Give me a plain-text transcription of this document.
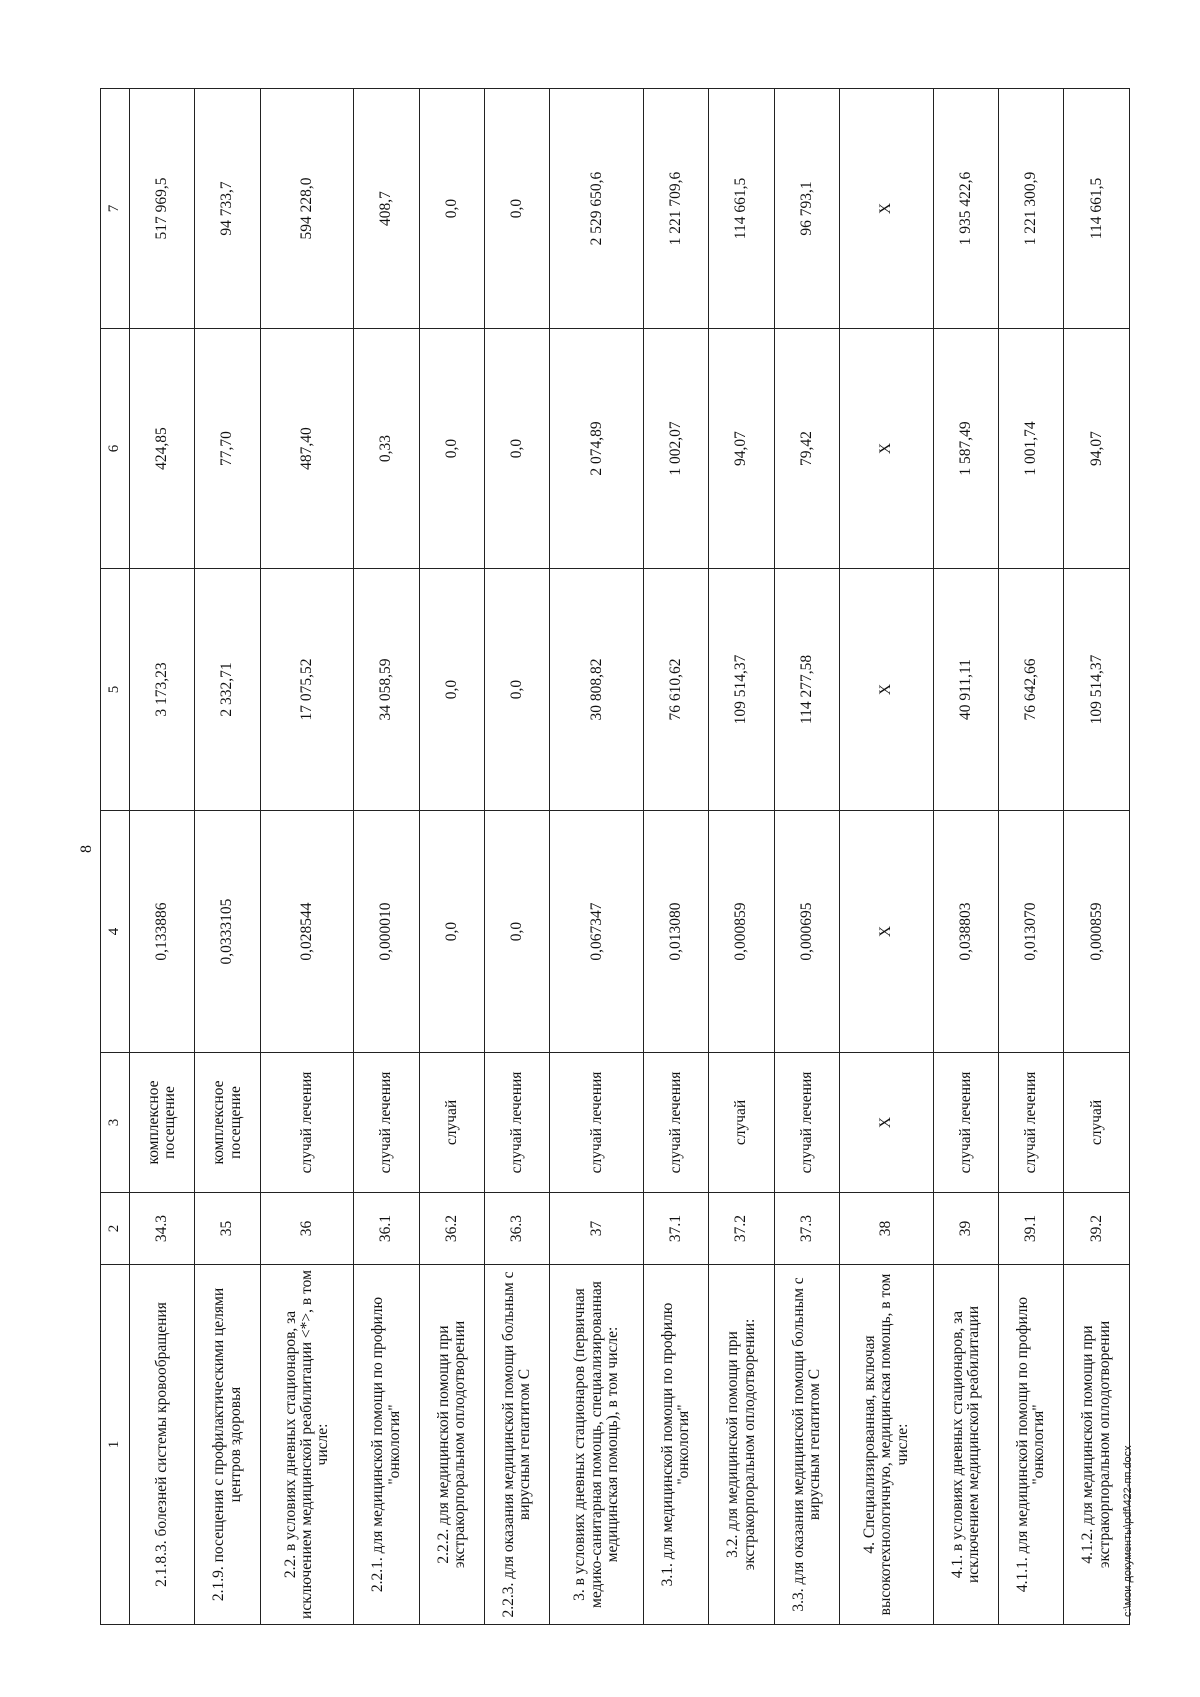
8
1	2	3	4	5	6	7
2.1.8.3. болезней системы кровообращения	34.3	комплексное посещение	0,133886	3 173,23	424,85	517 969,5
2.1.9. посещения с профилактическими целями центров здоровья	35	комплексное посещение	0,0333105	2 332,71	77,70	94 733,7
2.2. в условиях дневных стационаров, за исключением медицинской реабилитации <*>, в том числе:	36	случай лечения	0,028544	17 075,52	487,40	594 228,0
2.2.1. для медицинской помощи по профилю "онкология"	36.1	случай лечения	0,000010	34 058,59	0,33	408,7
2.2.2. для медицинской помощи при экстракорпоральном оплодотворении	36.2	случай	0,0	0,0	0,0	0,0
2.2.3. для оказания медицинской помощи больным с вирусным гепатитом С	36.3	случай лечения	0,0	0,0	0,0	0,0
3. в условиях дневных стационаров (первичная медико-санитарная помощь, специализированная медицинская помощь), в том числе:	37	случай лечения	0,067347	30 808,82	2 074,89	2 529 650,6
3.1. для медицинской помощи по профилю "онкология"	37.1	случай лечения	0,013080	76 610,62	1 002,07	1 221 709,6
3.2. для медицинской помощи при экстракорпоральном оплодотворении:	37.2	случай	0,000859	109 514,37	94,07	114 661,5
3.3. для оказания медицинской помощи больным с вирусным гепатитом С	37.3	случай лечения	0,000695	114 277,58	79,42	96 793,1
4. Специализированная, включая высокотехнологичную, медицинская помощь, в том числе:	38	Х	Х	Х	Х	Х
4.1. в условиях дневных стационаров, за исключением медицинской реабилитации	39	случай лечения	0,038803	40 911,11	1 587,49	1 935 422,6
4.1.1. для медицинской помощи по профилю "онкология"	39.1	случай лечения	0,013070	76 642,66	1 001,74	1 221 300,9
4.1.2. для медицинской помощи при экстракорпоральном оплодотворении	39.2	случай	0,000859	109 514,37	94,07	114 661,5
c:\мои документы\pdf\422-пп.docx
